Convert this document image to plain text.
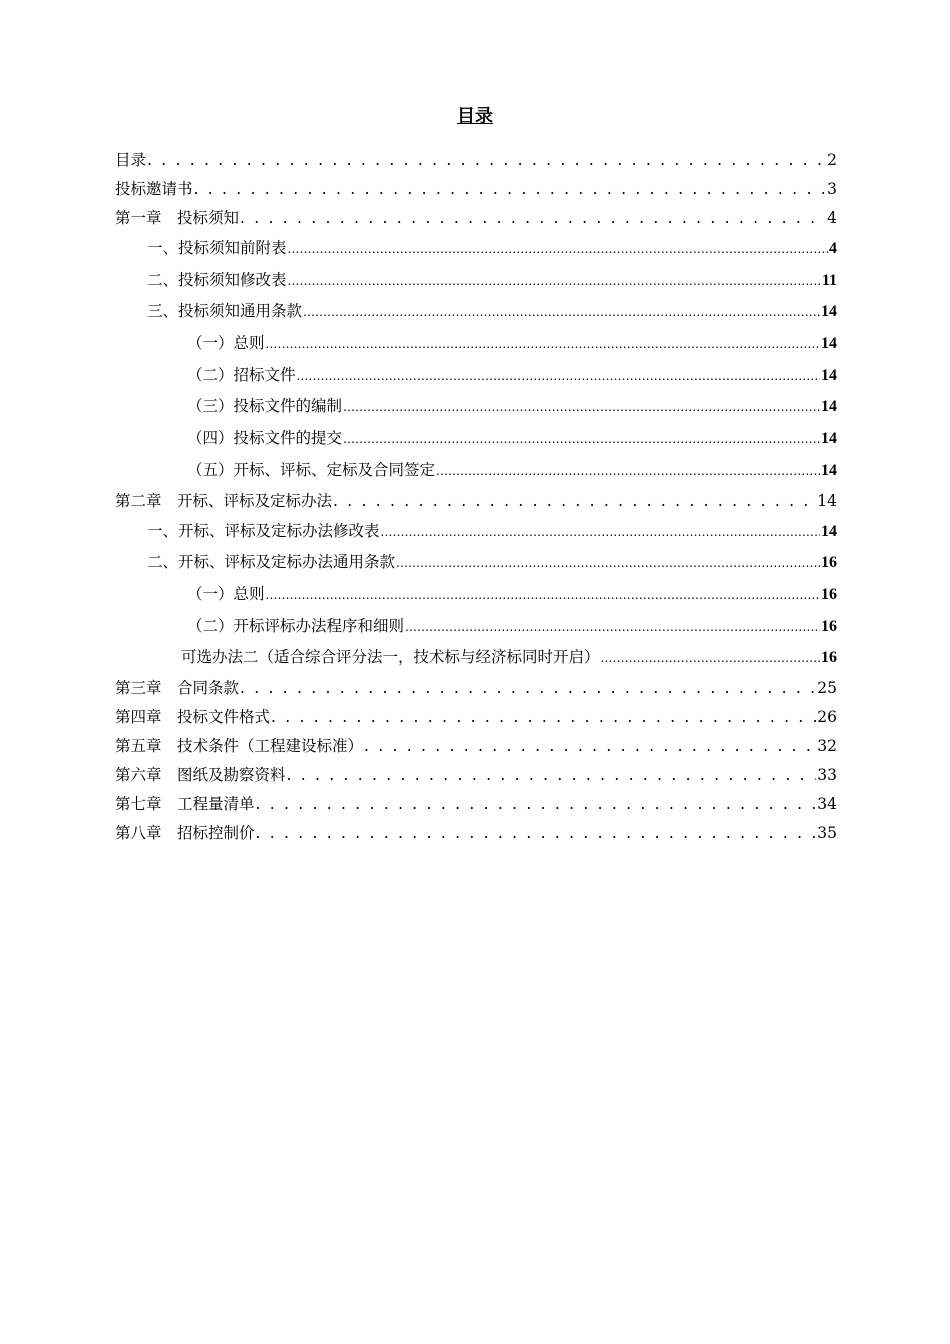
目录
目录 . . .	2
投标邀请书 . . .	3
第一章　投标须知 . . .	4
一、投标须知前附表 .....	4
二、投标须知修改表 .....	11
三、投标须知通用条款 .....	14
（一）总则 .....	14
（二）招标文件 .....	14
（三）投标文件的编制 .....	14
（四）投标文件的提交 .....	14
（五）开标、评标、定标及合同签定 .....	14
第二章　开标、评标及定标办法 . . .	14
一、开标、评标及定标办法修改表 .....	14
二、开标、评标及定标办法通用条款 .....	16
（一）总则 .....	16
（二）开标评标办法程序和细则 .....	16
可选办法二（适合综合评分法一，技术标与经济标同时开启） .....	16
第三章　合同条款 . . .	25
第四章　投标文件格式 . . .	26
第五章　技术条件（工程建设标准） . . .	32
第六章　图纸及勘察资料 . . .	33
第七章　工程量清单 . . .	34
第八章　招标控制价 . . .	35
